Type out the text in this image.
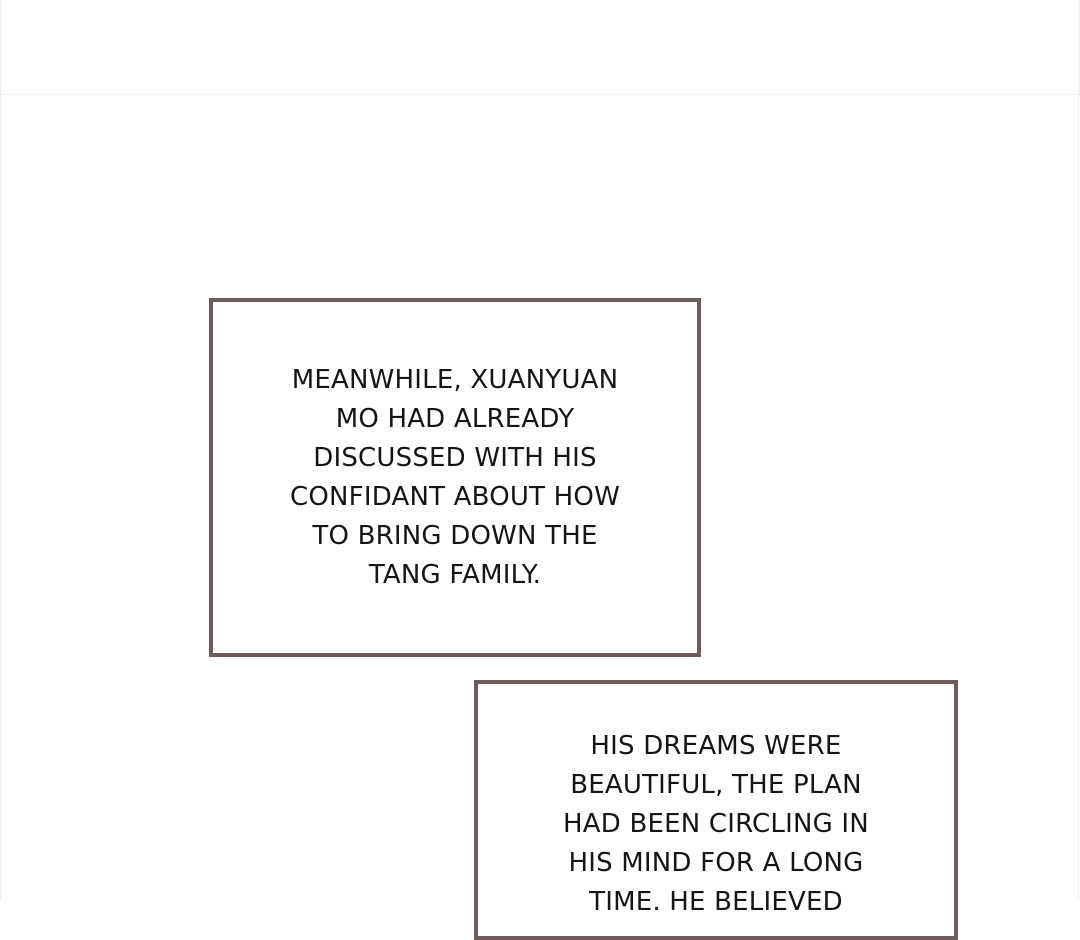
MEANWHILE, XUANYUAN
MO HAD ALREADY
DISCUSSED WITH HIS
CONFIDANT ABOUT HOW
TO BRING DOWN THE
TANG FAMILY.
HIS DREAMS WERE
BEAUTIFUL, THE PLAN
HAD BEEN CIRCLING IN
HIS MIND FOR A LONG
TIME. HE BELIEVED
